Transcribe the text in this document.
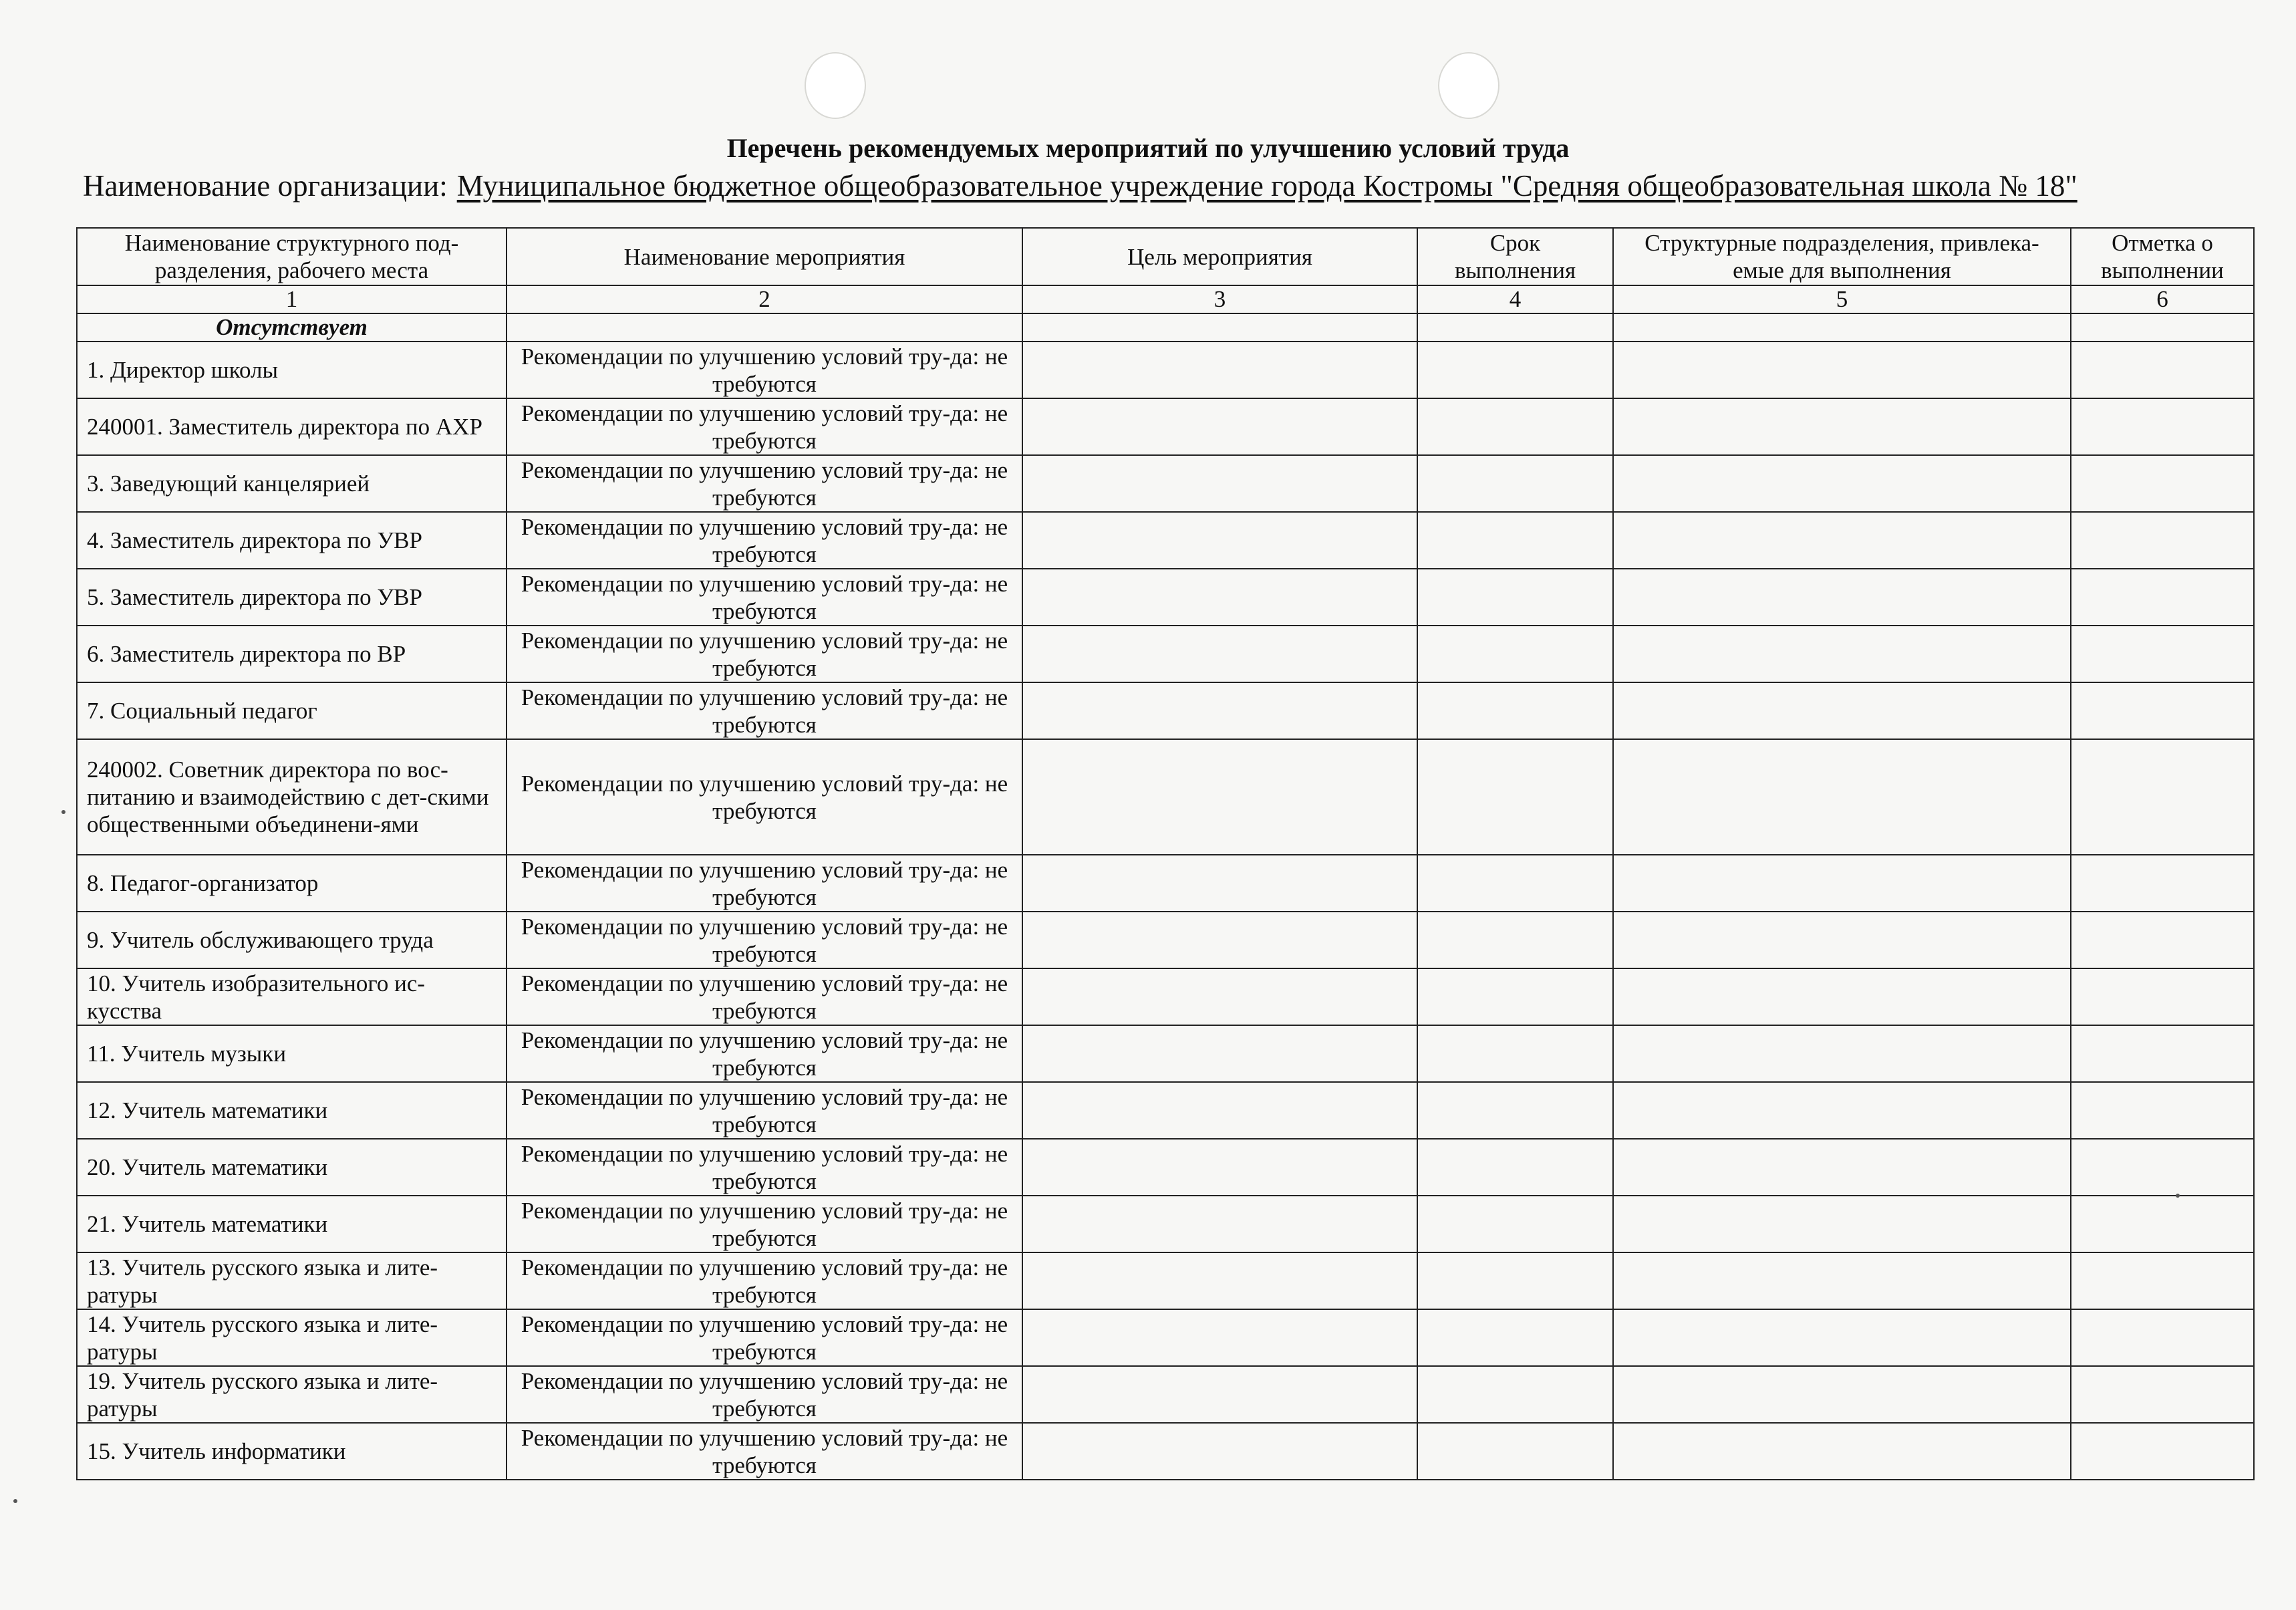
Перечень рекомендуемых мероприятий по улучшению условий труда
Наименование организации: Муниципальное бюджетное общеобразовательное учреждение города Костромы "Средняя общеобразовательная школа № 18"
Наименование структурного под-разделения, рабочего места	Наименование мероприятия	Цель мероприятия	Срок выполнения	Структурные подразделения, привлека-емые для выполнения	Отметка о выполнении
1	2	3	4	5	6
Отсутствует					
1. Директор школы	Рекомендации по улучшению условий тру-да: не требуются				
240001. Заместитель директора по АХР	Рекомендации по улучшению условий тру-да: не требуются				
3. Заведующий канцелярией	Рекомендации по улучшению условий тру-да: не требуются				
4. Заместитель директора по УВР	Рекомендации по улучшению условий тру-да: не требуются				
5. Заместитель директора по УВР	Рекомендации по улучшению условий тру-да: не требуются				
6. Заместитель директора по ВР	Рекомендации по улучшению условий тру-да: не требуются				
7. Социальный педагог	Рекомендации по улучшению условий тру-да: не требуются				
240002. Советник директора по вос-питанию и взаимодействию с дет-скими общественными объединени-ями	Рекомендации по улучшению условий тру-да: не требуются				
8. Педагог-организатор	Рекомендации по улучшению условий тру-да: не требуются				
9. Учитель обслуживающего труда	Рекомендации по улучшению условий тру-да: не требуются				
10. Учитель изобразительного ис-кусства	Рекомендации по улучшению условий тру-да: не требуются				
11. Учитель музыки	Рекомендации по улучшению условий тру-да: не требуются				
12. Учитель математики	Рекомендации по улучшению условий тру-да: не требуются				
20. Учитель математики	Рекомендации по улучшению условий тру-да: не требуются				
21. Учитель математики	Рекомендации по улучшению условий тру-да: не требуются				
13. Учитель русского языка и лите-ратуры	Рекомендации по улучшению условий тру-да: не требуются				
14. Учитель русского языка и лите-ратуры	Рекомендации по улучшению условий тру-да: не требуются				
19. Учитель русского языка и лите-ратуры	Рекомендации по улучшению условий тру-да: не требуются				
15. Учитель информатики	Рекомендации по улучшению условий тру-да: не требуются				
